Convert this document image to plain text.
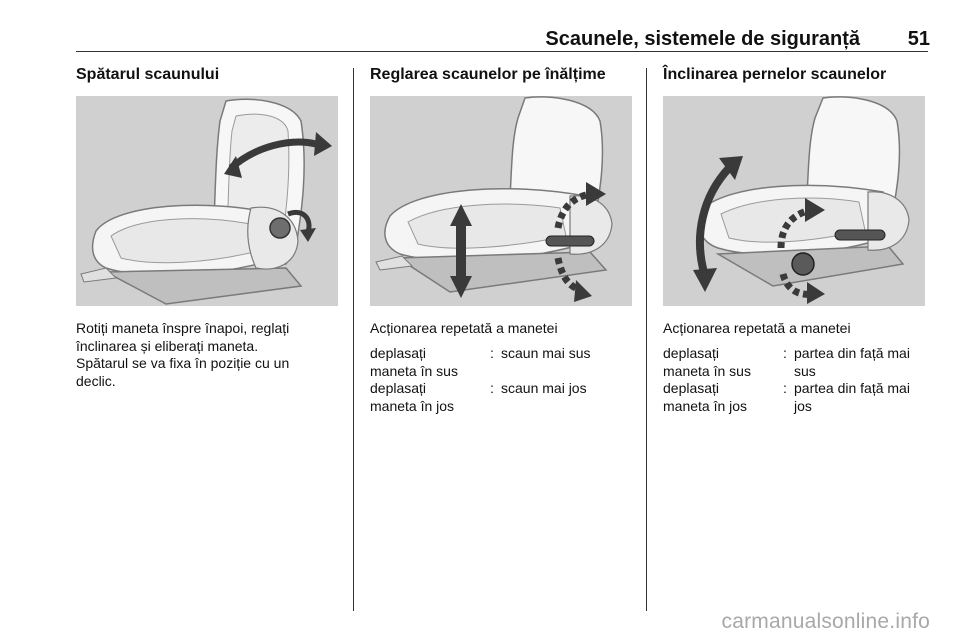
Scaunele, sistemele de siguranță	51
Spătarul scaunului
Rotiți maneta înspre înapoi, reglați
înclinarea și eliberați maneta.
Spătarul se va fixa în poziție cu un
declic.
Reglarea scaunelor pe înălțime
Acționarea repetată a manetei
deplasați
maneta în sus
: scaun mai sus
deplasați
maneta în jos
: scaun mai jos
Înclinarea pernelor scaunelor
Acționarea repetată a manetei
deplasați
maneta în sus
: partea din față mai
sus
deplasați
maneta în jos
: partea din față mai
jos
carmanualsonline.info
